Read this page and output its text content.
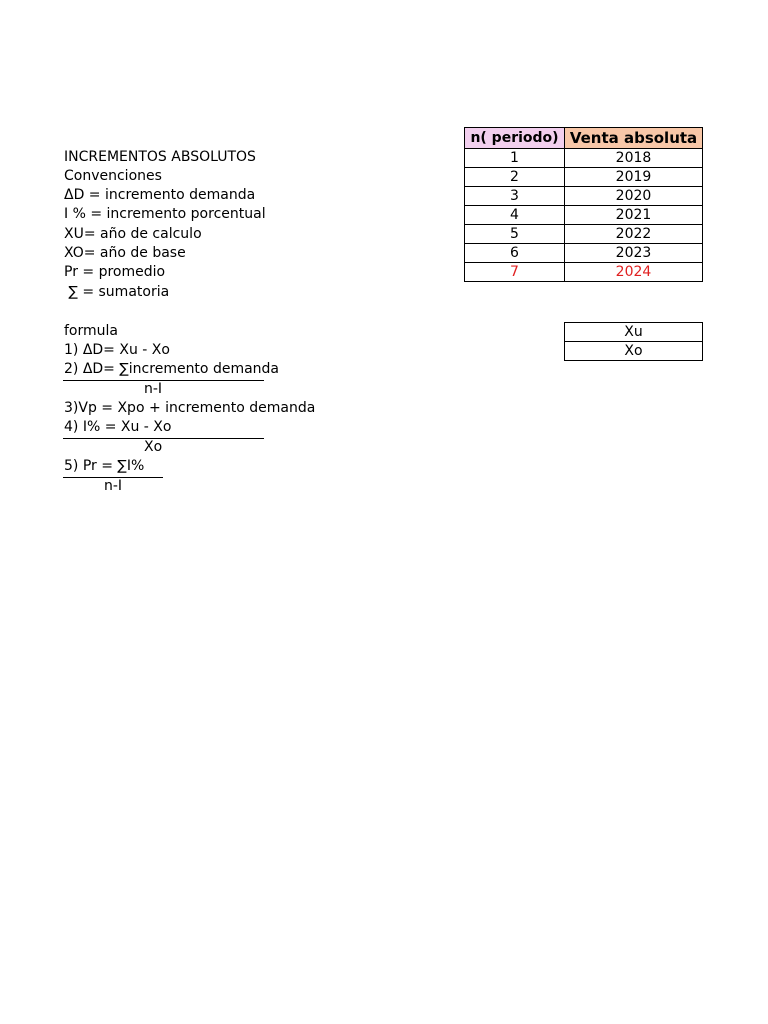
INCREMENTOS ABSOLUTOS
Convenciones
ΔD = incremento demanda
I % = incremento porcentual
XU= año de calculo
XO= año de base
Pr = promedio
∑ = sumatoria
formula
1) ΔD= Xu - Xo
2) ΔD= ∑incremento demanda
n-I
3)Vp = Xpo + incremento demanda
4) I% = Xu - Xo
Xo
5) Pr = ∑I%
n-I
n( periodo)	Venta absoluta
1	2018
2	2019
3	2020
4	2021
5	2022
6	2023
7	2024
Xu
Xo
